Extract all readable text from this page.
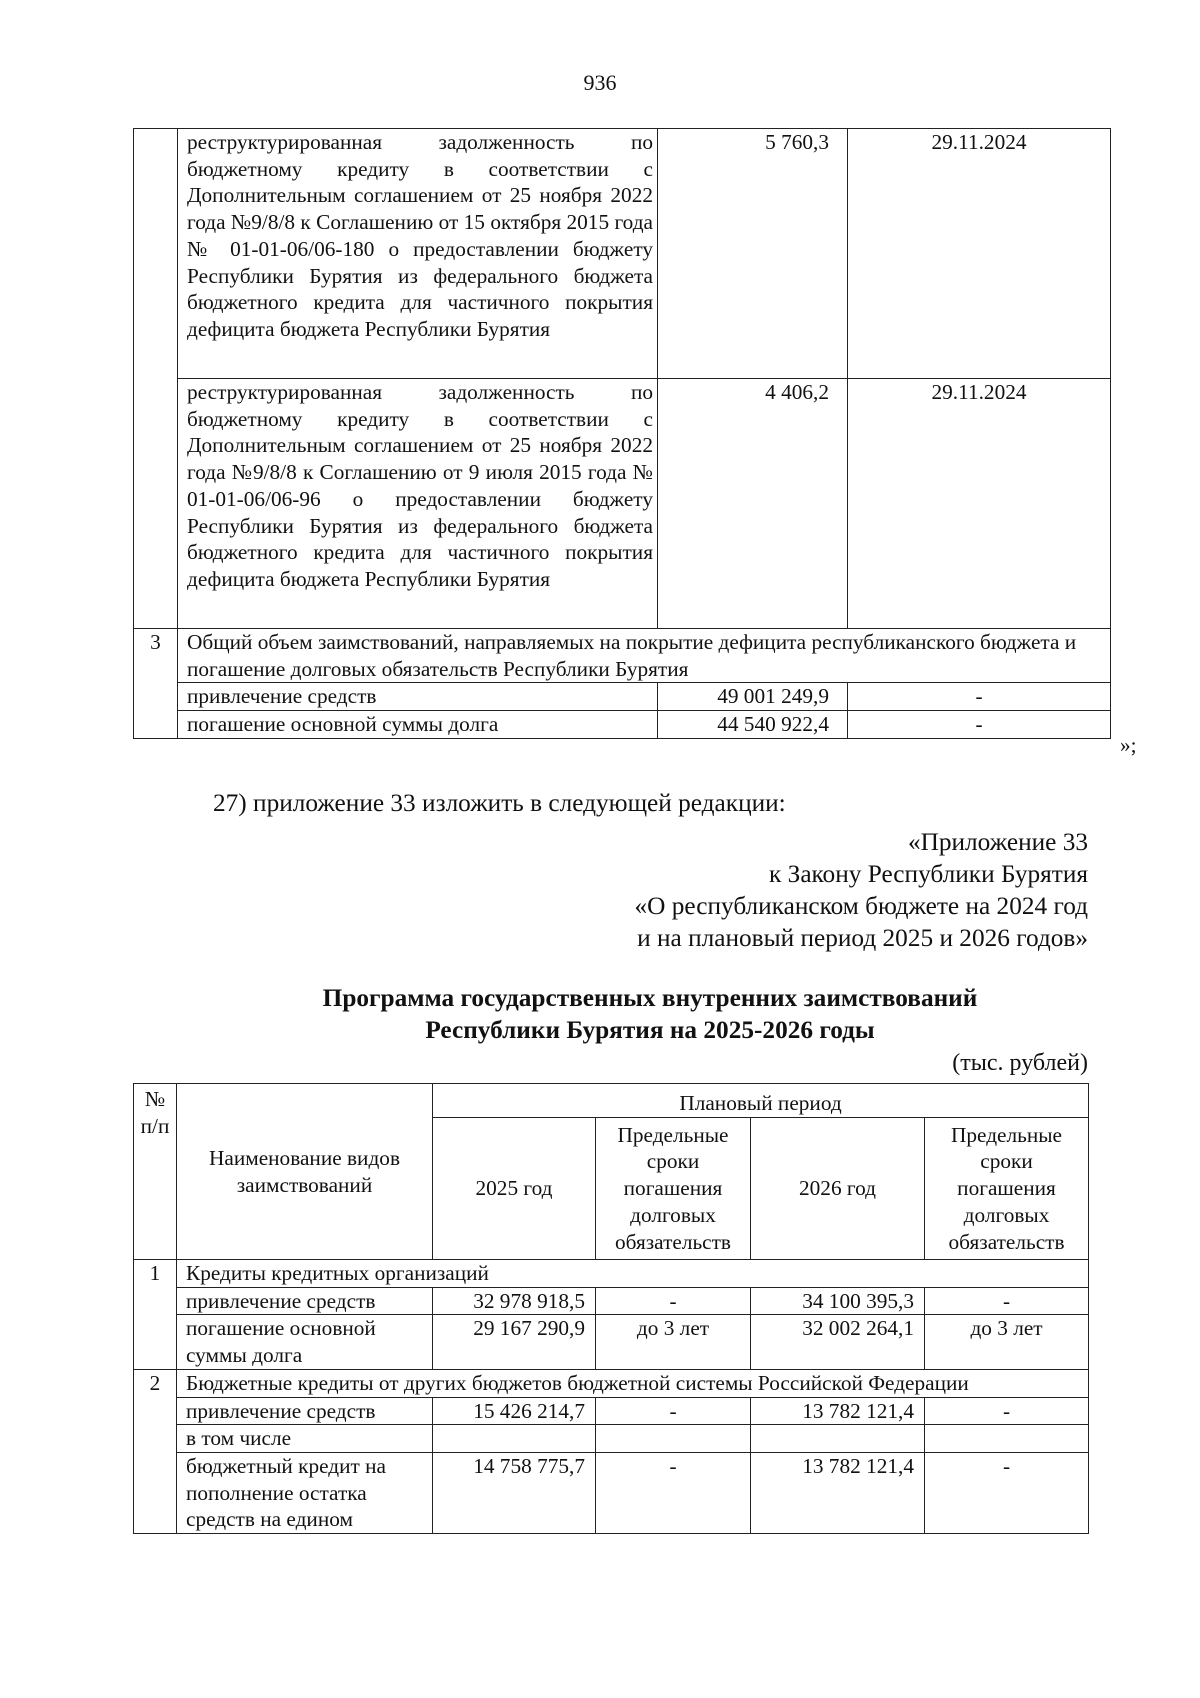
936
	реструктурированная задолженность по бюджетному кредиту в соответствии с Дополнительным соглашением от 25 ноября 2022 года №9/8/8 к Соглашению от 15 октября 2015 года № 01-01-06/06-180 о предоставлении бюджету Республики Бурятия из федерального бюджета бюджетного кредита для частичного покрытия дефицита бюджета Республики Бурятия	5 760,3	29.11.2024
	реструктурированная задолженность по бюджетному кредиту в соответствии с Дополнительным соглашением от 25 ноября 2022 года №9/8/8 к Соглашению от 9 июля 2015 года № 01-01-06/06-96 о предоставлении бюджету Республики Бурятия из федерального бюджета бюджетного кредита для частичного покрытия дефицита бюджета Республики Бурятия	4 406,2	29.11.2024
3	Общий объем заимствований, направляемых на покрытие дефицита республиканского бюджета и погашение долговых обязательств Республики Бурятия		
	привлечение средств	49 001 249,9	-
	погашение основной суммы долга	44 540 922,4	-
»;
27) приложение 33 изложить в следующей редакции:
«Приложение 33
к Закону Республики Бурятия
«О республиканском бюджете на 2024 год
и на плановый период 2025 и 2026 годов»
Программа государственных внутренних заимствований
Республики Бурятия на 2025-2026 годы
(тыс. рублей)
№ п/п	Наименование видов заимствований	Плановый период			
		2025 год	Предельные сроки погашения долговых обязательств	2026 год	Предельные сроки погашения долговых обязательств
1	Кредиты кредитных организаций				
	привлечение средств	32 978 918,5	-	34 100 395,3	-
	погашение основной суммы долга	29 167 290,9	до 3 лет	32 002 264,1	до 3 лет
2	Бюджетные кредиты от других бюджетов бюджетной системы Российской Федерации				
	привлечение средств	15 426 214,7	-	13 782 121,4	-
	в том числе				
	бюджетный кредит на пополнение остатка средств на едином	14 758 775,7	-	13 782 121,4	-
